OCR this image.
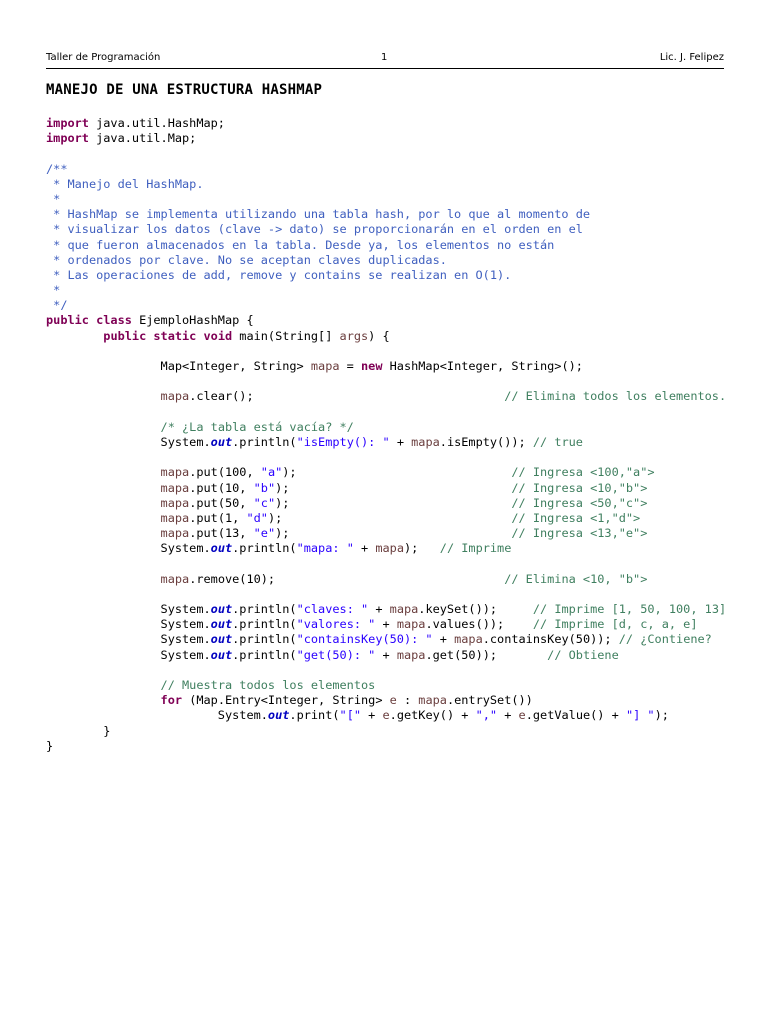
Taller de Programación	1	Lic. J. Felipez
MANEJO DE UNA ESTRUCTURA HASHMAP
import java.util.HashMap;
import java.util.Map;

/**
* Manejo del HashMap.
*
* HashMap se implementa utilizando una tabla hash, por lo que al momento de
* visualizar los datos (clave -> dato) se proporcionarán en el orden en el
* que fueron almacenados en la tabla. Desde ya, los elementos no están
* ordenados por clave. No se aceptan claves duplicadas.
* Las operaciones de add, remove y contains se realizan en O(1).
*
*/
public class EjemploHashMap {
public static void main(String[] args) {

Map<Integer, String> mapa = new HashMap<Integer, String>();

mapa.clear();                                   // Elimina todos los elementos.

/* ¿La tabla está vacía? */
System.out.println("isEmpty(): " + mapa.isEmpty()); // true

mapa.put(100, "a");                              // Ingresa <100,"a">
mapa.put(10, "b");                               // Ingresa <10,"b">
mapa.put(50, "c");                               // Ingresa <50,"c">
mapa.put(1, "d");                                // Ingresa <1,"d">
mapa.put(13, "e");                               // Ingresa <13,"e">
System.out.println("mapa: " + mapa);   // Imprime

mapa.remove(10);                                // Elimina <10, "b">

System.out.println("claves: " + mapa.keySet());     // Imprime [1, 50, 100, 13]
System.out.println("valores: " + mapa.values());    // Imprime [d, c, a, e]
System.out.println("containsKey(50): " + mapa.containsKey(50)); // ¿Contiene?
System.out.println("get(50): " + mapa.get(50));       // Obtiene

// Muestra todos los elementos
for (Map.Entry<Integer, String> e : mapa.entrySet())
System.out.print("[" + e.getKey() + "," + e.getValue() + "] ");
}
}
